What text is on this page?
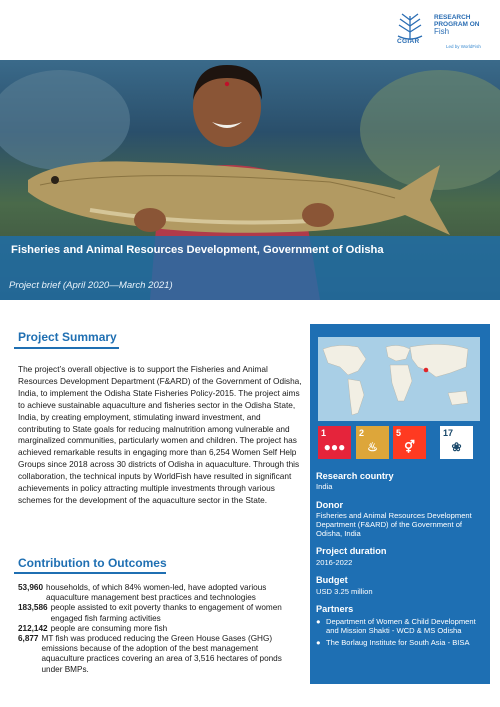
RESEARCH
PROGRAM ON
Fish
CGIAR
Led by WorldFish
Fisheries and Animal Resources Development, Government of Odisha
Project brief (April 2020—March 2021)
Project Summary
The project’s overall objective is to support the Fisheries and Animal Resources Development Department (F&ARD) of the Government of Odisha, India, to implement the Odisha State Fisheries Policy-2015. The project aims to achieve sustainable aquaculture and fisheries sector in the Odisha State, India, by creating employment, stimulating inward investment, and contributing to State goals for reducing malnutrition among vulnerable and marginalized communities, particularly women and children. The project has achieved remarkable results in engaging more than 6,254 Women Self Help Groups since 2018 across 30 districts of Odisha in aquaculture. Through this collaboration, the technical inputs by WorldFish have resulted in significant achievements in policy attracting multiple investments through various schemes for the development of the aquaculture sector in the State.
Contribution to Outcomes
53,960 households, of which 84% women-led, have adopted various aquaculture management best practices and technologies
183,586 people assisted to exit poverty thanks to engagement of women engaged fish farming activities
212,142 people are consuming more fish
6,877 MT fish was produced reducing the Green House Gases (GHG) emissions because of the adoption of the best management aquaculture practices covering an area of 3,516 hectares of ponds under BMPs.
1
●●●
2
♨
5
⚥
17
❀
Research country
India
Donor
Fisheries and Animal Resources Development Department (F&ARD) of the Government of Odisha, India
Project duration
2016-2022
Budget
USD 3.25 million
Partners
● Department of Women & Child Development and Mission Shakti - WCD & MS Odisha
● The Borlaug Institute for South Asia - BISA
